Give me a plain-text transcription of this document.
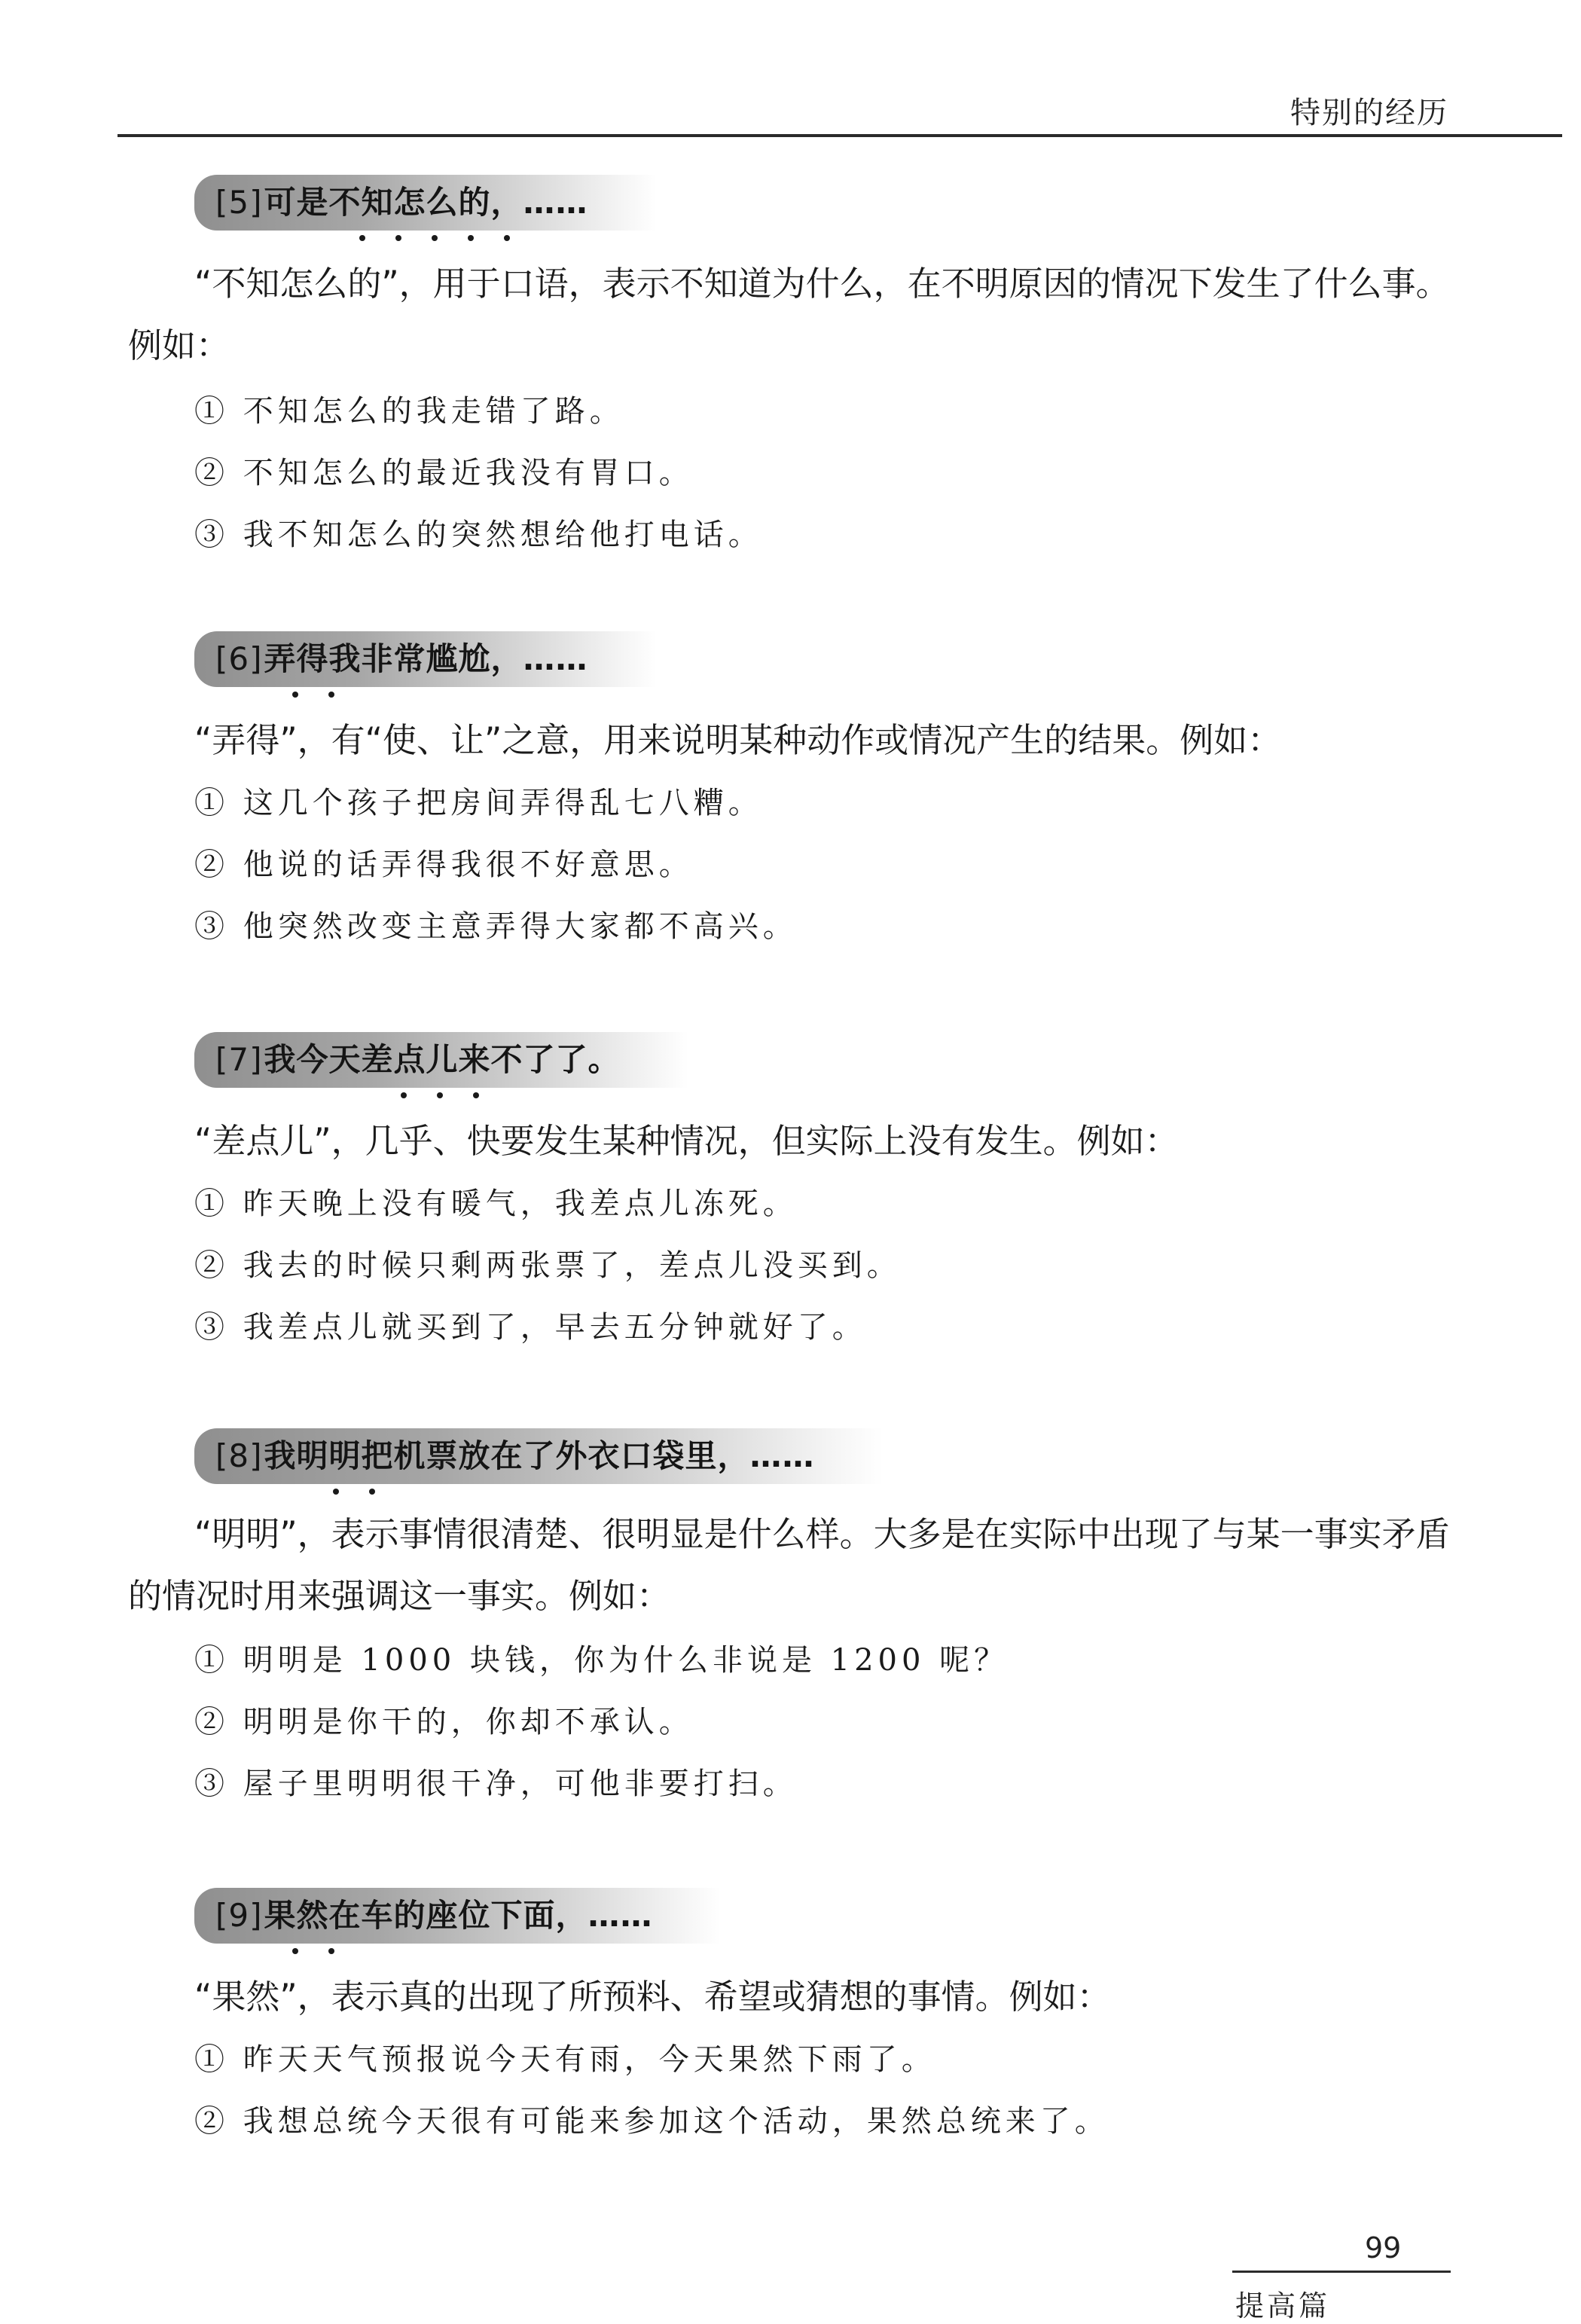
特别的经历
[5]可是不知怎么的，……
“不知怎么的”，用于口语，表示不知道为什么，在不明原因的情况下发生了什么事。例如：
① 不知怎么的我走错了路。
② 不知怎么的最近我没有胃口。
③ 我不知怎么的突然想给他打电话。
[6]弄得我非常尴尬，……
“弄得”，有“使、让”之意，用来说明某种动作或情况产生的结果。例如：
① 这几个孩子把房间弄得乱七八糟。
② 他说的话弄得我很不好意思。
③ 他突然改变主意弄得大家都不高兴。
[7]我今天差点儿来不了了。
“差点儿”，几乎、快要发生某种情况，但实际上没有发生。例如：
① 昨天晚上没有暖气，我差点儿冻死。
② 我去的时候只剩两张票了，差点儿没买到。
③ 我差点儿就买到了，早去五分钟就好了。
[8]我明明把机票放在了外衣口袋里，……
“明明”，表示事情很清楚、很明显是什么样。大多是在实际中出现了与某一事实矛盾的情况时用来强调这一事实。例如：
① 明明是 1000 块钱，你为什么非说是 1200 呢？
② 明明是你干的，你却不承认。
③ 屋子里明明很干净，可他非要打扫。
[9]果然在车的座位下面，……
“果然”，表示真的出现了所预料、希望或猜想的事情。例如：
① 昨天天气预报说今天有雨，今天果然下雨了。
② 我想总统今天很有可能来参加这个活动，果然总统来了。
99
提高篇
